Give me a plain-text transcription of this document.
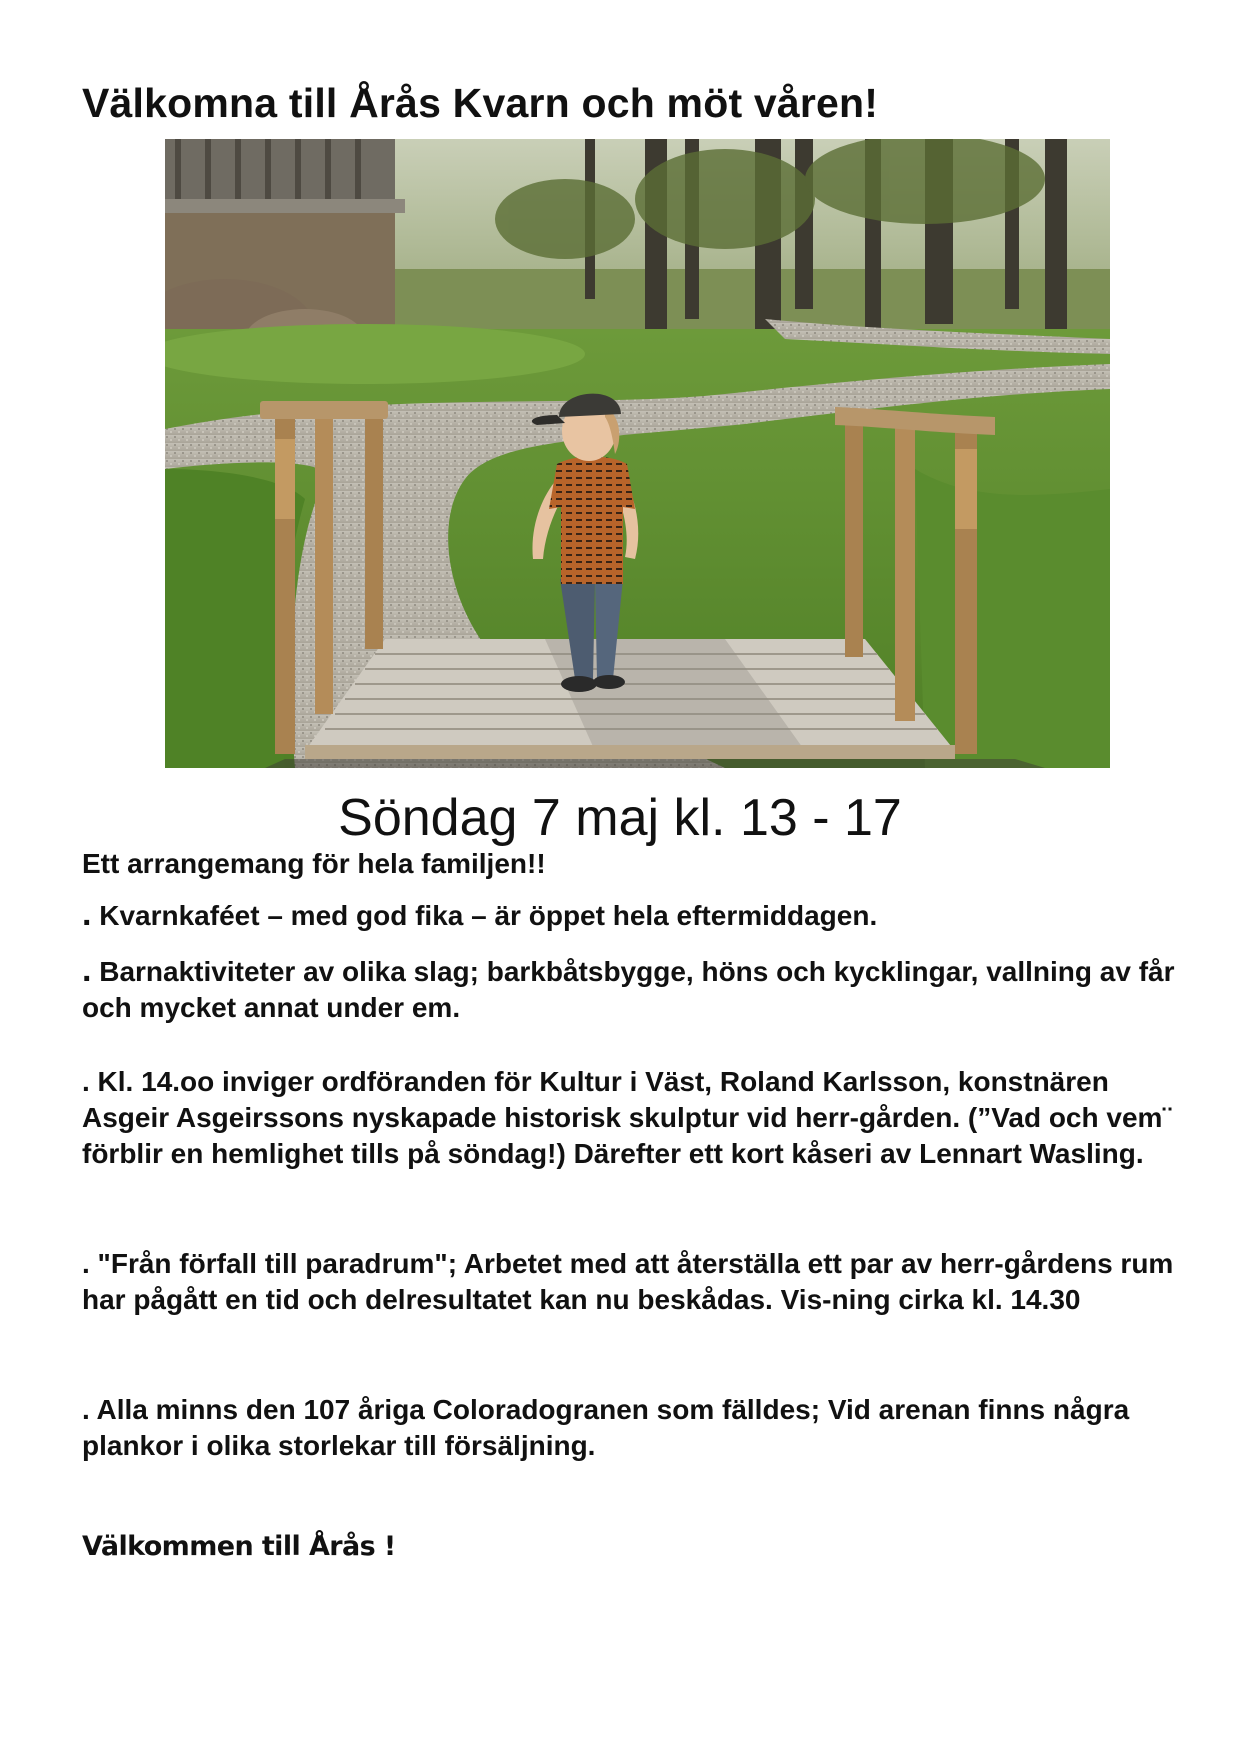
Välkomna till Årås Kvarn och möt våren!
Söndag 7 maj kl. 13 - 17

Ett arrangemang för hela familjen!!

. Kvarnkaféet – med god fika – är öppet hela eftermiddagen.

. Barnaktiviteter av olika slag; barkbåtsbygge, höns och kycklingar, vallning av får och mycket annat under em.

. Kl. 14.oo inviger ordföranden för Kultur i Väst, Roland Karlsson, konstnären Asgeir Asgeirssons nyskapade historisk skulptur vid herr-gården. (”Vad och vem¨ förblir en hemlighet tills på söndag!) Därefter ett kort kåseri av Lennart Wasling.

. "Från förfall till paradrum"; Arbetet med att återställa ett par av herr-gårdens rum har pågått en tid och delresultatet kan nu beskådas. Vis-ning cirka kl. 14.30

. Alla minns den 107 åriga Coloradogranen som fälldes; Vid arenan finns några plankor i olika storlekar till försäljning.

Välkommen till Årås !
